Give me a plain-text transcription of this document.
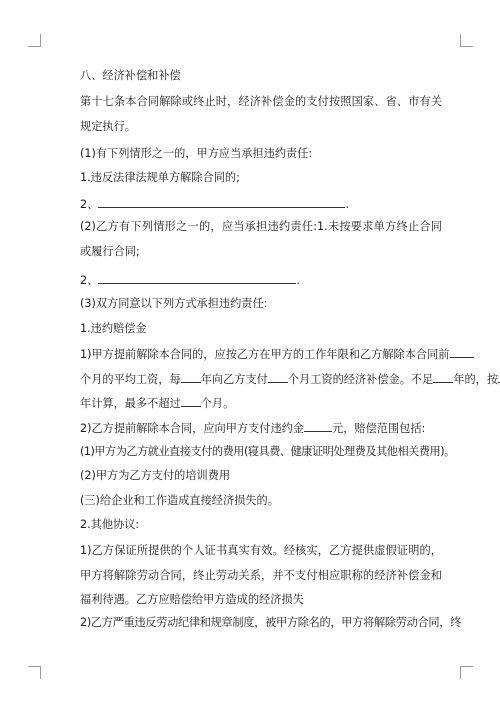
八、经济补偿和补偿
第十七条本合同解除或终止时，经济补偿金的支付按照国家、省、市有关规定执行。
(1)有下列情形之一的，甲方应当承担违约责任:
1.违反法律法规单方解除合同的;
2、	.
(2)乙方有下列情形之一的，应当承担违约责任:1.未按要求单方终止合同或履行合同;
2、	.
(3)双方同意以下列方式承担违约责任:
1.违约赔偿金
1)甲方提前解除本合同的，应按乙方在甲方的工作年限和乙方解除本合同前
个月的平均工资，每 年向乙方支付 个月工资的经济补偿金。不足 年的，按
年计算，最多不超过 个月。
2)乙方提前解除本合同，应向甲方支付违约金	元，赔偿范围包括:
(1)甲方为乙方就业直接支付的费用(寝具费、健康证明处理费及其他相关费用)。
(2)甲方为乙方支付的培训费用
(三)给企业和工作造成直接经济损失的。
2.其他协议:
1)乙方保证所提供的个人证书真实有效。经核实，乙方提供虚假证明的，甲方将解除劳动合同，终止劳动关系，并不支付相应职称的经济补偿金和福利待遇。乙方应赔偿给甲方造成的经济损失
2)乙方严重违反劳动纪律和规章制度，被甲方除名的，甲方将解除劳动合同，终
